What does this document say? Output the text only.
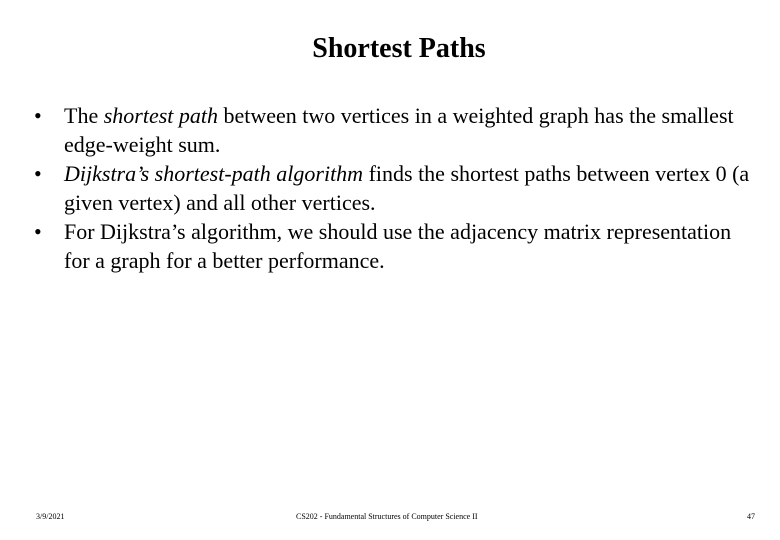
Shortest Paths
•	The shortest path between two vertices in a weighted graph has the smallest edge-weight sum.
•	Dijkstra’s shortest-path algorithm finds the shortest paths between vertex 0 (a given vertex) and all other vertices.
•	For Dijkstra’s algorithm, we should use the adjacency matrix representation for a graph for a better performance.
3/9/2021	CS202 - Fundamental Structures of Computer Science II	47
